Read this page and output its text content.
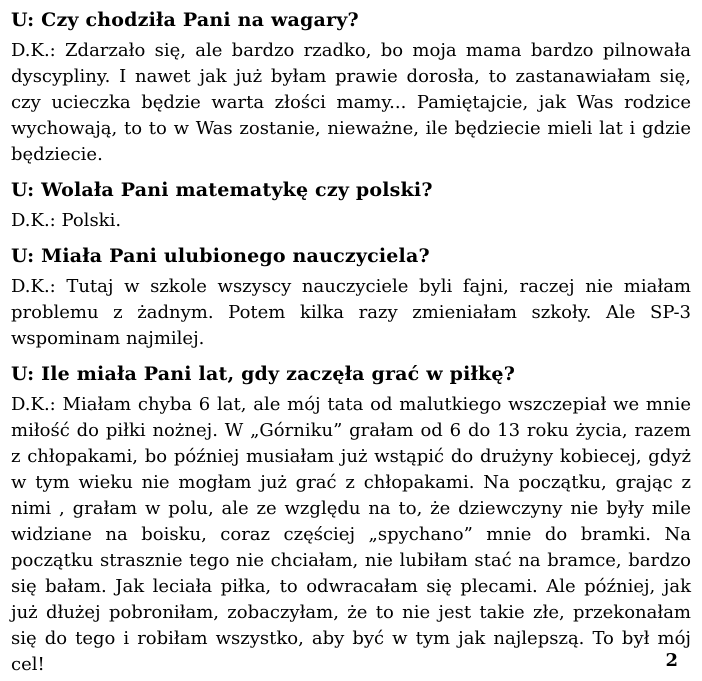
U: Czy chodziła Pani na wagary?

D.K.: Zdarzało się, ale bardzo rzadko, bo moja mama bardzo pilnowała dyscypliny. I nawet jak już byłam prawie dorosła, to zastanawiałam się, czy ucieczka będzie warta złości mamy... Pamiętajcie, jak Was rodzice wychowają, to to w Was zostanie, nieważne, ile będziecie mieli lat i gdzie będziecie.

U: Wolała Pani matematykę czy polski?

D.K.: Polski.

U: Miała Pani ulubionego nauczyciela?

D.K.: Tutaj w szkole wszyscy nauczyciele byli fajni, raczej nie miałam problemu z żadnym. Potem kilka razy zmieniałam szkoły. Ale SP-3 wspominam najmilej.

U: Ile miała Pani lat, gdy zaczęła grać w piłkę?

D.K.: Miałam chyba 6 lat, ale mój tata od malutkiego wszczepiał we mnie miłość do piłki nożnej. W „Górniku” grałam od 6 do 13 roku życia, razem z chłopakami, bo później musiałam już wstąpić do drużyny kobiecej, gdyż w tym wieku nie mogłam już grać z chłopakami. Na początku, grając z nimi , grałam w polu, ale ze względu na to, że dziewczyny nie były mile widziane na boisku, coraz częściej „spychano” mnie do bramki. Na początku strasznie tego nie chciałam, nie lubiłam stać na bramce, bardzo się bałam. Jak leciała piłka, to odwracałam się plecami. Ale później, jak już dłużej pobroniłam, zobaczyłam, że to nie jest takie złe, przekonałam się do tego i robiłam wszystko, aby być w tym jak najlepszą. To był mój cel!	2
